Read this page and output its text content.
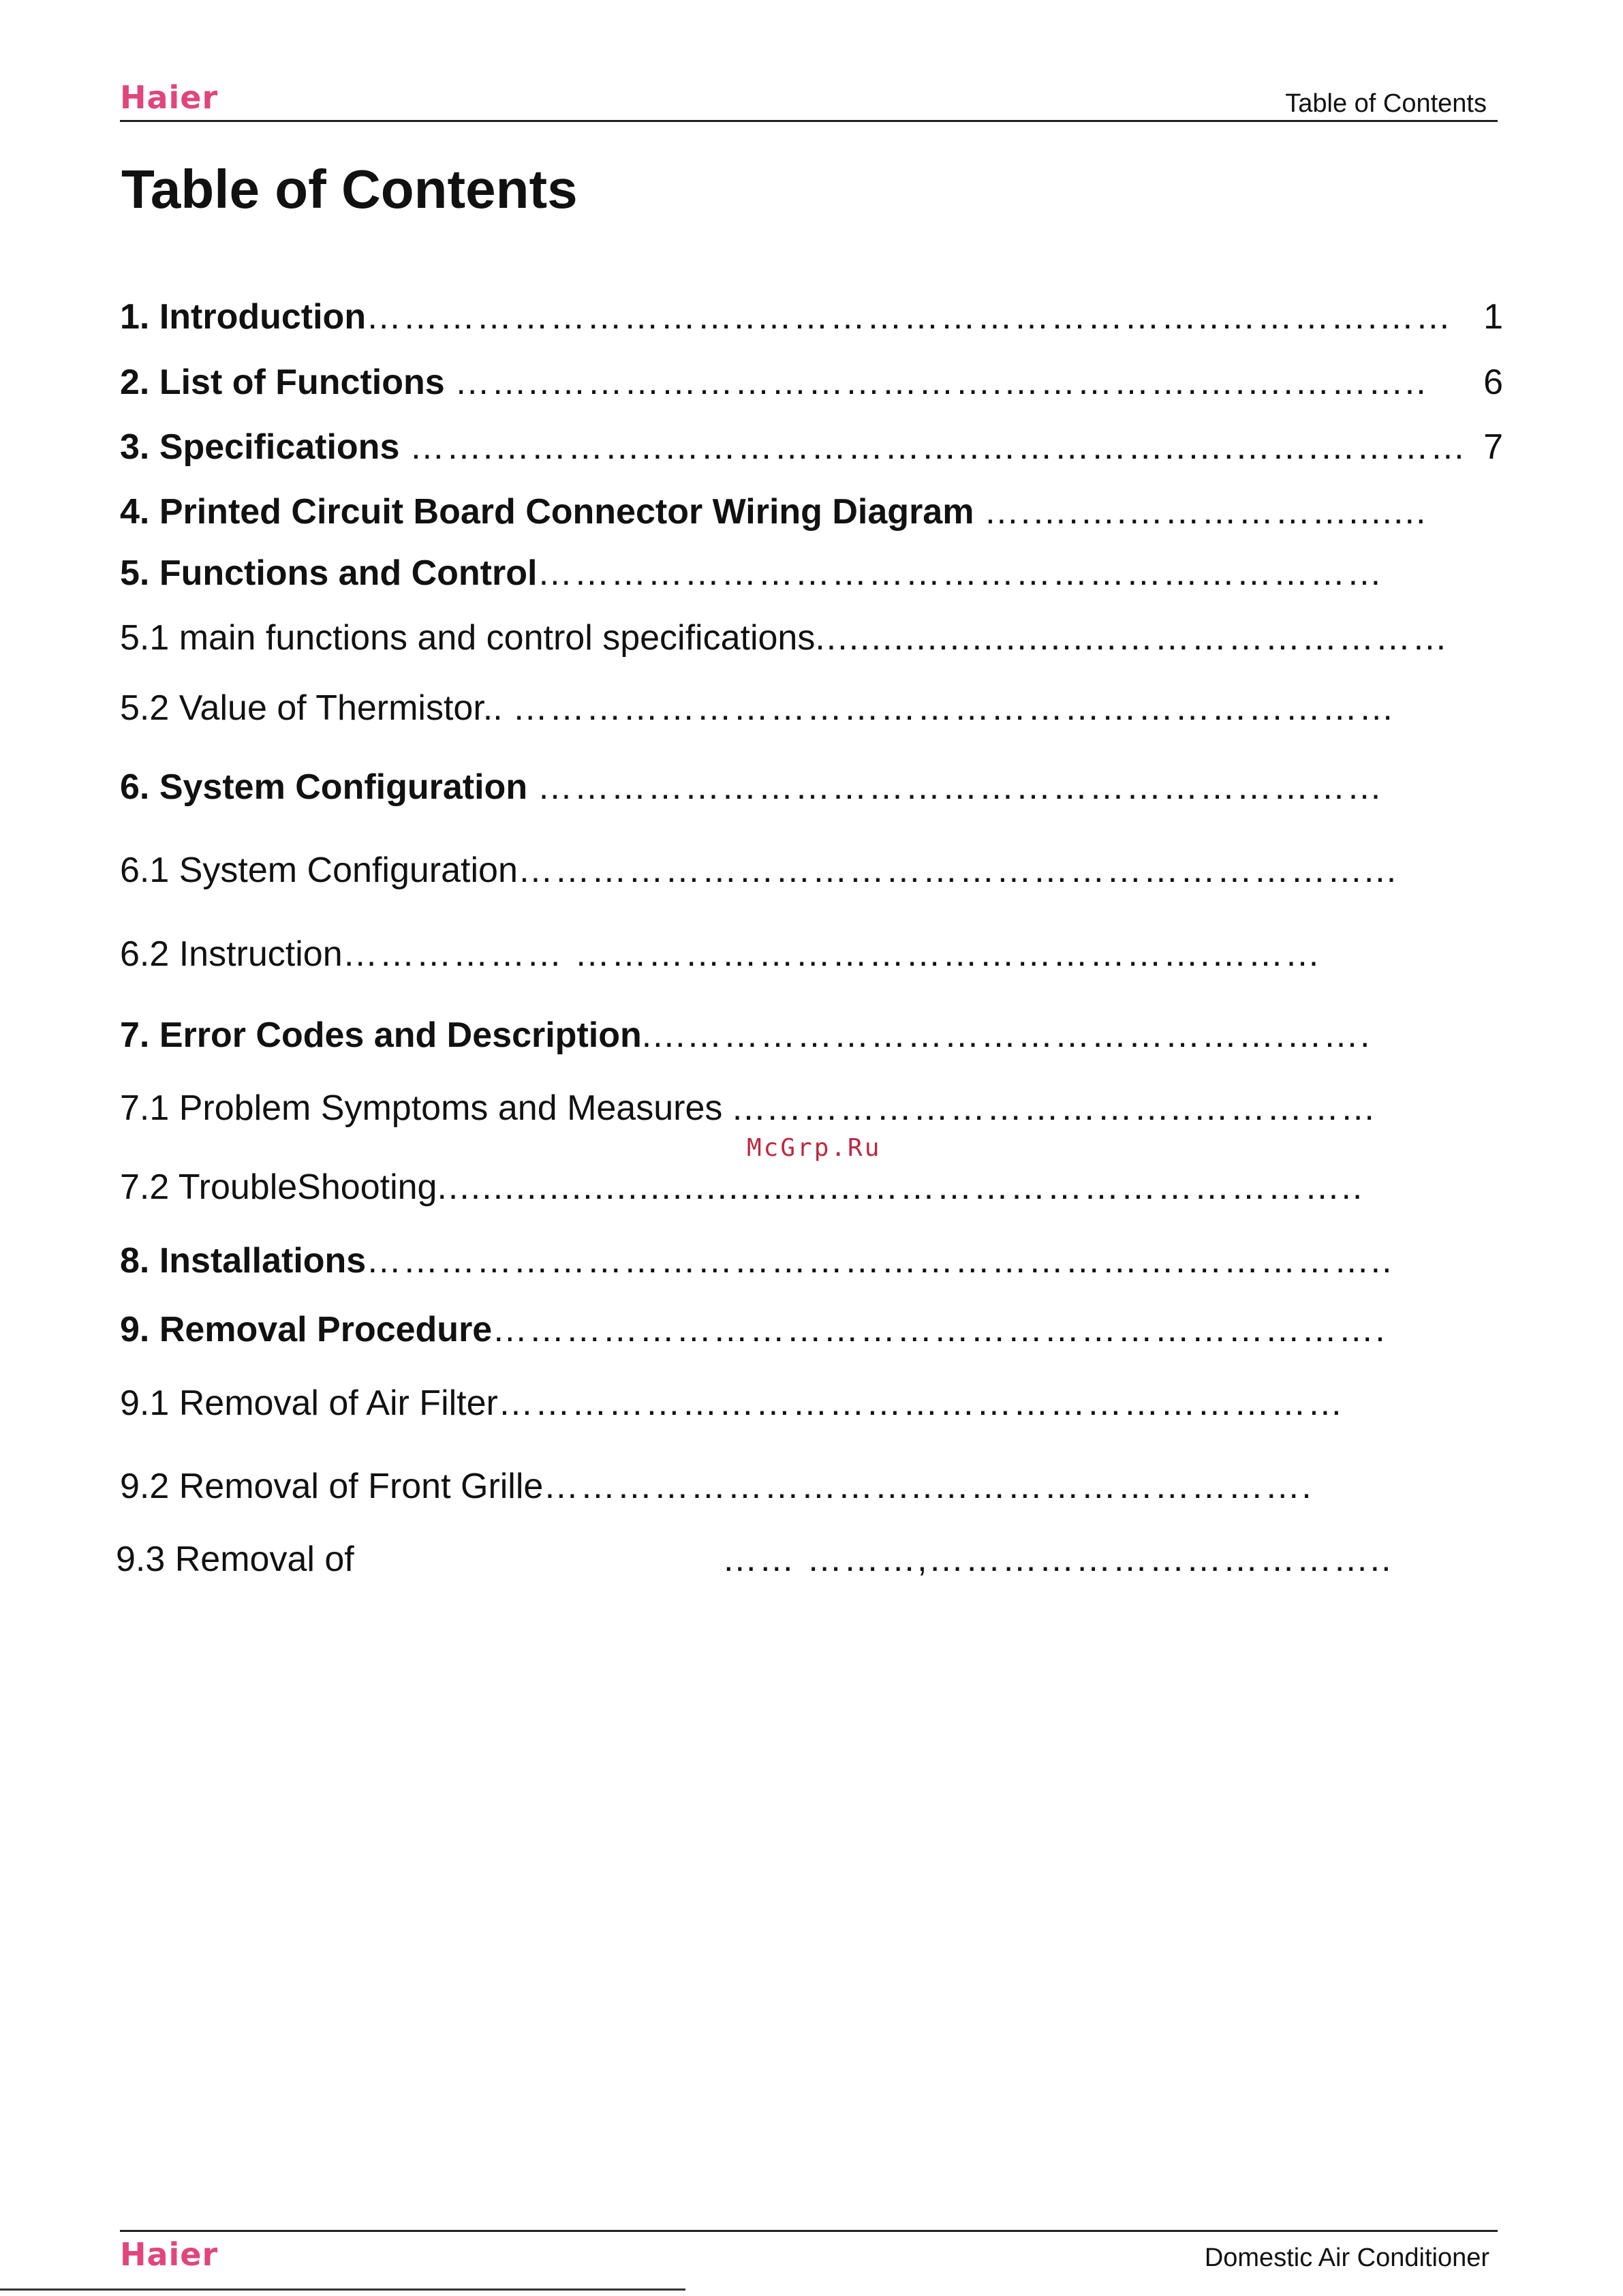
Haier	Table of Contents
Table of Contents
1. Introduction…………………………..………………………………..………….…… 1
2. List of Functions ……..……………………………….…………….….….………..	6
3. Specifications …….…………..……………………..……………..….…….………… 7
4. Printed Circuit Board Connector Wiring Diagram ….….….……………….......
5. Functions and Control……………………………………………………………
5.1 main functions and control specifications...........................………………………
5.2 Value of Thermistor.. ………………………………………………………………
6. System Configuration ……………………………………………………………
6.1 System Configuration……………………………………………………………...
6.2 Instruction……………… …………………………………………….………
7. Error Codes and Description....………………………………………….…….
7.1 Problem Symptoms and Measures ...……………………………..……………
7.2 TroubleShooting......................................…………………………………..
8. Installations………………………………………………………….……………..
9. Removal Procedure……………………………………………………………….
9.1 Removal of Air Filter……………………………………………………………
9.2 Removal of Front Grille…………………………..………………………….
9.3 Removal of	…… ………,………………………………..
McGrp.Ru
Haier	Domestic Air Conditioner
